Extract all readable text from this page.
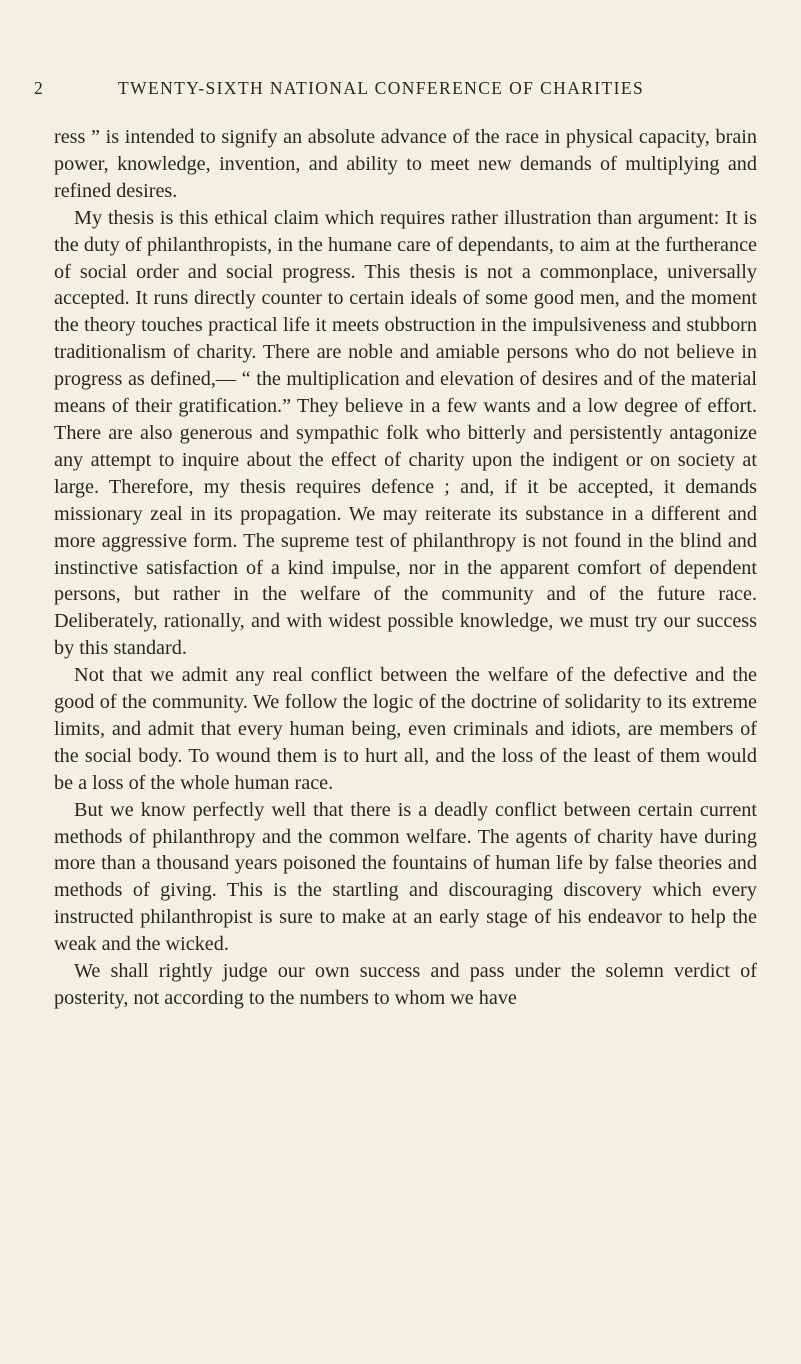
2	TWENTY-SIXTH NATIONAL CONFERENCE OF CHARITIES

ress ” is intended to signify an absolute advance of the race in physical capacity, brain power, knowledge, invention, and ability to meet new demands of multiplying and refined desires.

My thesis is this ethical claim which requires rather illustration than argument: It is the duty of philanthropists, in the humane care of dependants, to aim at the furtherance of social order and social progress. This thesis is not a commonplace, universally accepted. It runs directly counter to certain ideals of some good men, and the moment the theory touches practical life it meets obstruction in the impulsiveness and stubborn traditionalism of charity. There are noble and amiable persons who do not believe in progress as defined,— “ the multiplication and elevation of desires and of the material means of their gratification.” They believe in a few wants and a low degree of effort. There are also generous and sympathic folk who bitterly and persistently antagonize any attempt to inquire about the effect of charity upon the indigent or on society at large. Therefore, my thesis requires defence ; and, if it be accepted, it demands missionary zeal in its propagation. We may reiterate its substance in a different and more aggressive form. The supreme test of philanthropy is not found in the blind and instinctive satisfaction of a kind impulse, nor in the apparent comfort of dependent persons, but rather in the welfare of the community and of the future race. Deliberately, rationally, and with widest possible knowledge, we must try our success by this standard.

Not that we admit any real conflict between the welfare of the defective and the good of the community. We follow the logic of the doctrine of solidarity to its extreme limits, and admit that every human being, even criminals and idiots, are members of the social body. To wound them is to hurt all, and the loss of the least of them would be a loss of the whole human race.

But we know perfectly well that there is a deadly conflict between certain current methods of philanthropy and the common welfare. The agents of charity have during more than a thousand years poisoned the fountains of human life by false theories and methods of giving. This is the startling and discouraging discovery which every instructed philanthropist is sure to make at an early stage of his endeavor to help the weak and the wicked.

We shall rightly judge our own success and pass under the solemn verdict of posterity, not according to the numbers to whom we have
